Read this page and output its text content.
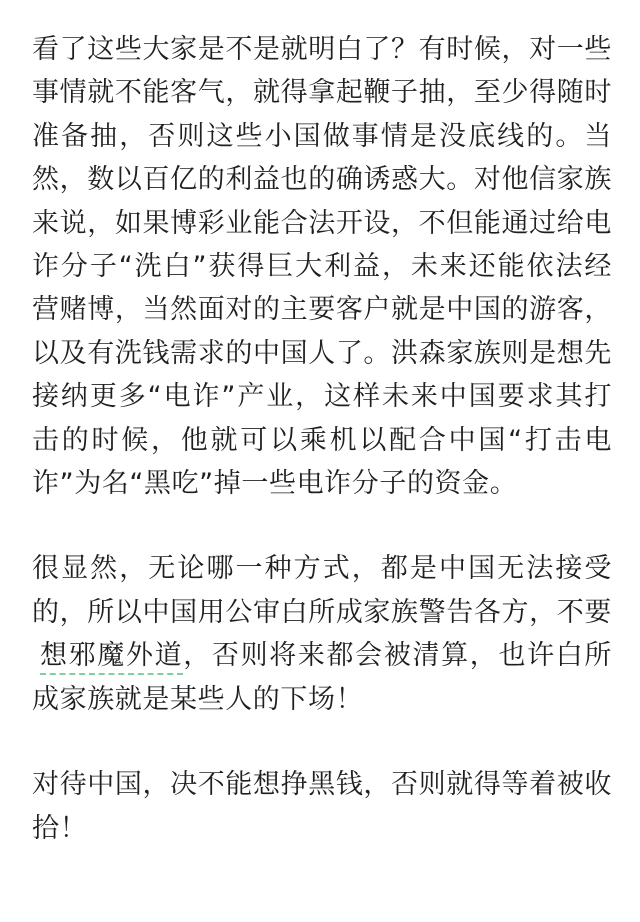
看了这些大家是不是就明白了？有时候，对一些事情就不能客气，就得拿起鞭子抽，至少得随时准备抽，否则这些小国做事情是没底线的。当然，数以百亿的利益也的确诱惑大。对他信家族来说，如果博彩业能合法开设，不但能通过给电诈分子“洗白”获得巨大利益，未来还能依法经营赌博，当然面对的主要客户就是中国的游客，以及有洗钱需求的中国人了。洪森家族则是想先接纳更多“电诈”产业，这样未来中国要求其打击的时候，他就可以乘机以配合中国“打击电诈”为名“黑吃”掉一些电诈分子的资金。

很显然，无论哪一种方式，都是中国无法接受的，所以中国用公审白所成家族警告各方，不要想邪魔外道，否则将来都会被清算，也许白所成家族就是某些人的下场！

对待中国，决不能想挣黑钱，否则就得等着被收拾！
